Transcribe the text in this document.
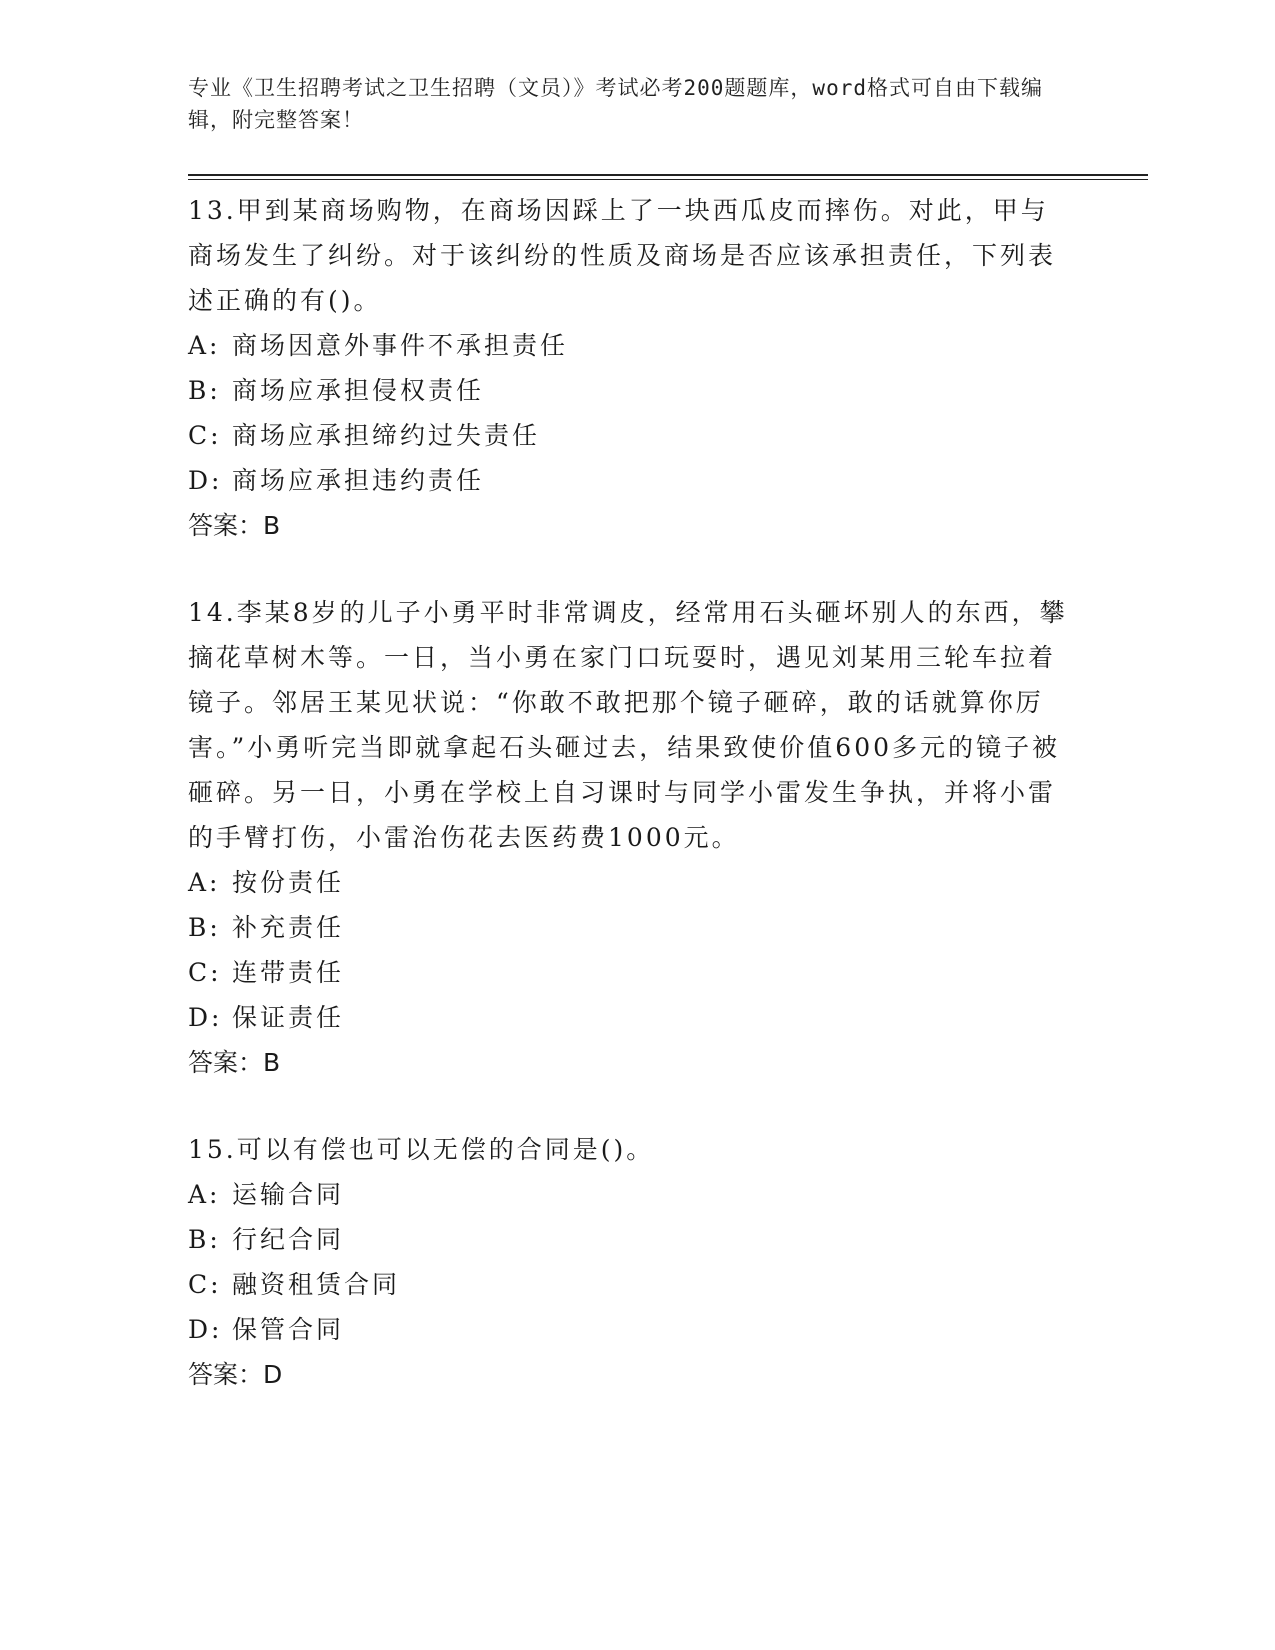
专业《卫生招聘考试之卫生招聘（文员）》考试必考200题题库，word格式可自由下载编辑，附完整答案！

13.甲到某商场购物，在商场因踩上了一块西瓜皮而摔伤。对此，甲与商场发生了纠纷。对于该纠纷的性质及商场是否应该承担责任，下列表述正确的有()。

A: 商场因意外事件不承担责任

B: 商场应承担侵权责任

C: 商场应承担缔约过失责任

D: 商场应承担违约责任

答案：B

14.李某8岁的儿子小勇平时非常调皮，经常用石头砸坏别人的东西，攀摘花草树木等。一日，当小勇在家门口玩耍时，遇见刘某用三轮车拉着镜子。邻居王某见状说：“你敢不敢把那个镜子砸碎，敢的话就算你厉害。”小勇听完当即就拿起石头砸过去，结果致使价值600多元的镜子被砸碎。另一日，小勇在学校上自习课时与同学小雷发生争执，并将小雷的手臂打伤，小雷治伤花去医药费1000元。

A: 按份责任

B: 补充责任

C: 连带责任

D: 保证责任

答案：B

15.可以有偿也可以无偿的合同是()。

A: 运输合同

B: 行纪合同

C: 融资租赁合同

D: 保管合同

答案：D
